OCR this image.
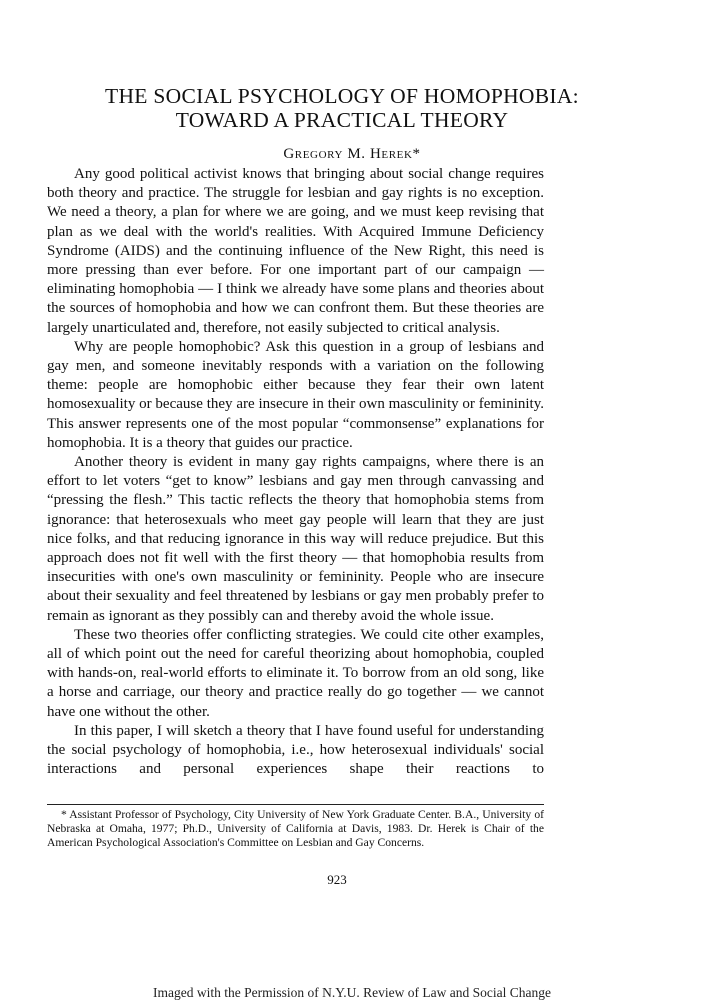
THE SOCIAL PSYCHOLOGY OF HOMOPHOBIA:
TOWARD A PRACTICAL THEORY
Gregory M. Herek*

Any good political activist knows that bringing about social change requires both theory and practice. The struggle for lesbian and gay rights is no exception. We need a theory, a plan for where we are going, and we must keep revising that plan as we deal with the world's realities. With Acquired Immune Deficiency Syndrome (AIDS) and the continuing influence of the New Right, this need is more pressing than ever before. For one important part of our campaign — eliminating homophobia — I think we already have some plans and theories about the sources of homophobia and how we can confront them. But these theories are largely unarticulated and, therefore, not easily subjected to critical analysis.

Why are people homophobic? Ask this question in a group of lesbians and gay men, and someone inevitably responds with a variation on the following theme: people are homophobic either because they fear their own latent homosexuality or because they are insecure in their own masculinity or femininity. This answer represents one of the most popular “commonsense” explanations for homophobia. It is a theory that guides our practice.

Another theory is evident in many gay rights campaigns, where there is an effort to let voters “get to know” lesbians and gay men through canvassing and “pressing the flesh.” This tactic reflects the theory that homophobia stems from ignorance: that heterosexuals who meet gay people will learn that they are just nice folks, and that reducing ignorance in this way will reduce prejudice. But this approach does not fit well with the first theory — that homophobia results from insecurities with one's own masculinity or femininity. People who are insecure about their sexuality and feel threatened by lesbians or gay men probably prefer to remain as ignorant as they possibly can and thereby avoid the whole issue.

These two theories offer conflicting strategies. We could cite other examples, all of which point out the need for careful theorizing about homophobia, coupled with hands-on, real-world efforts to eliminate it. To borrow from an old song, like a horse and carriage, our theory and practice really do go together — we cannot have one without the other.

In this paper, I will sketch a theory that I have found useful for understanding the social psychology of homophobia, i.e., how heterosexual individuals' social interactions and personal experiences shape their reactions to

* Assistant Professor of Psychology, City University of New York Graduate Center. B.A., University of Nebraska at Omaha, 1977; Ph.D., University of California at Davis, 1983. Dr. Herek is Chair of the American Psychological Association's Committee on Lesbian and Gay Concerns.

923
Imaged with the Permission of N.Y.U. Review of Law and Social Change
